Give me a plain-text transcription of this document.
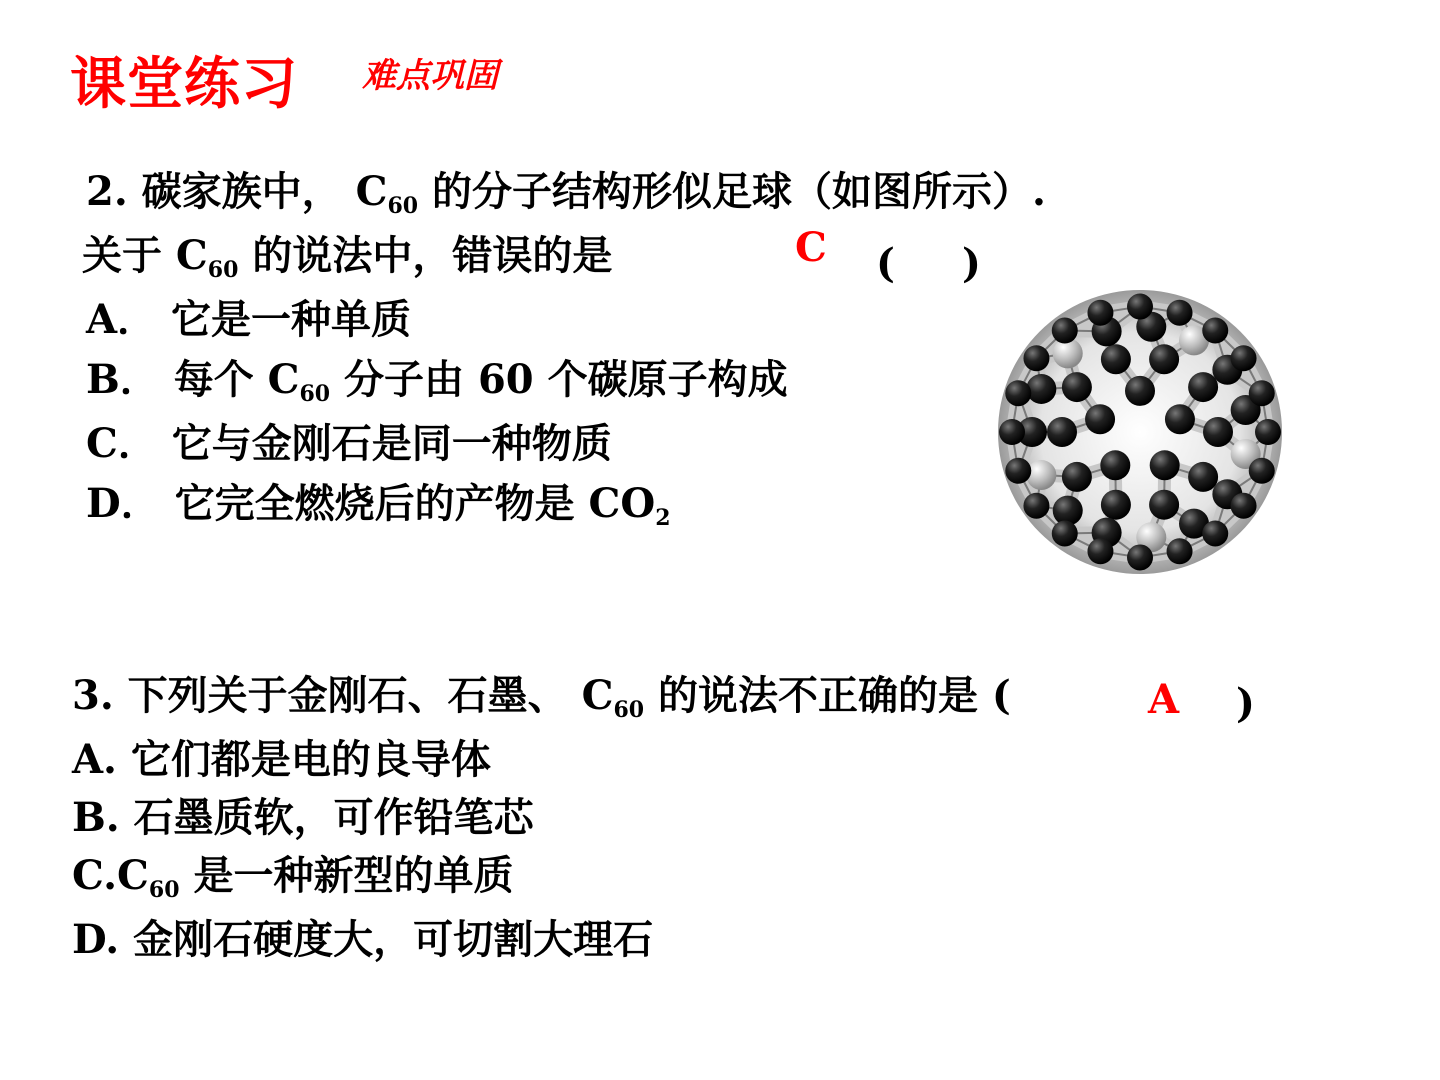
课堂练习 难点巩固
2. 碳家族中， $C_{60}$ 的分子结构形似足球（如图所示）.
关于 $C_{60}$ 的说法中，错误的是	C ( )
A． 它是一种单质
B． 每个 $C_{60}$ 分子由 60 个碳原子构成
C． 它与金刚石是同一种物质
D． 它完全燃烧后的产物是 $CO_2$
3. 下列关于金刚石、石墨、 $C_{60}$ 的说法不正确的是 (	A )
A. 它们都是电的良导体
B. 石墨质软，可作铅笔芯
$C.C_{60}$ 是一种新型的单质
D. 金刚石硬度大，可切割大理石
